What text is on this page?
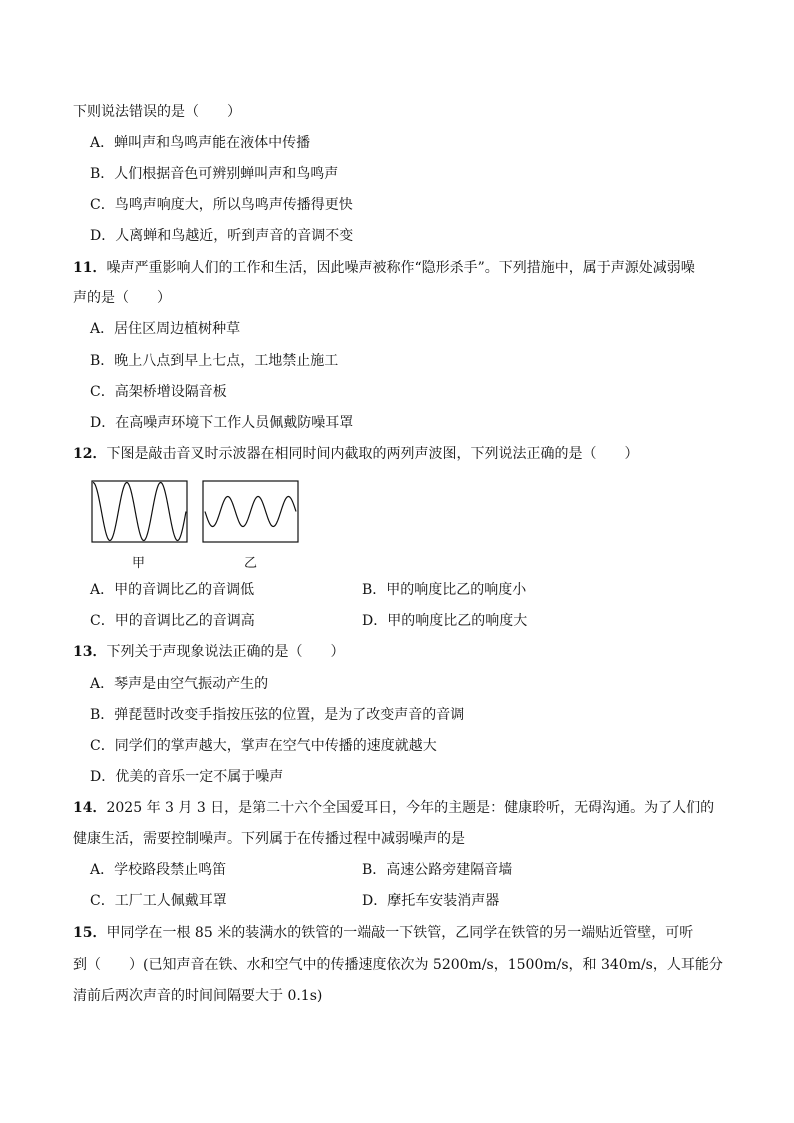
下则说法错误的是（　　）
A．蝉叫声和鸟鸣声能在液体中传播
B．人们根据音色可辨别蝉叫声和鸟鸣声
C．鸟鸣声响度大，所以鸟鸣声传播得更快
D．人离蝉和鸟越近，听到声音的音调不变
11．噪声严重影响人们的工作和生活，因此噪声被称作“隐形杀手”。下列措施中，属于声源处减弱噪
声的是（　　）
A．居住区周边植树种草
B．晚上八点到早上七点，工地禁止施工
C．高架桥增设隔音板
D．在高噪声环境下工作人员佩戴防噪耳罩
12．下图是敲击音叉时示波器在相同时间内截取的两列声波图，下列说法正确的是（　　）
甲	乙
A．甲的音调比乙的音调低	B．甲的响度比乙的响度小
C．甲的音调比乙的音调高	D．甲的响度比乙的响度大
13．下列关于声现象说法正确的是（　　）
A．琴声是由空气振动产生的
B．弹琵琶时改变手指按压弦的位置，是为了改变声音的音调
C．同学们的掌声越大，掌声在空气中传播的速度就越大
D．优美的音乐一定不属于噪声
14．2025 年 3 月 3 日，是第二十六个全国爱耳日，今年的主题是：健康聆听，无碍沟通。为了人们的
健康生活，需要控制噪声。下列属于在传播过程中减弱噪声的是
A．学校路段禁止鸣笛	B．高速公路旁建隔音墙
C．工厂工人佩戴耳罩	D．摩托车安装消声器
15．甲同学在一根 85 米的装满水的铁管的一端敲一下铁管，乙同学在铁管的另一端贴近管壁，可听
到（　　）(已知声音在铁、水和空气中的传播速度依次为 5200m/s，1500m/s，和 340m/s，人耳能分
清前后两次声音的时间间隔要大于 0.1s)
